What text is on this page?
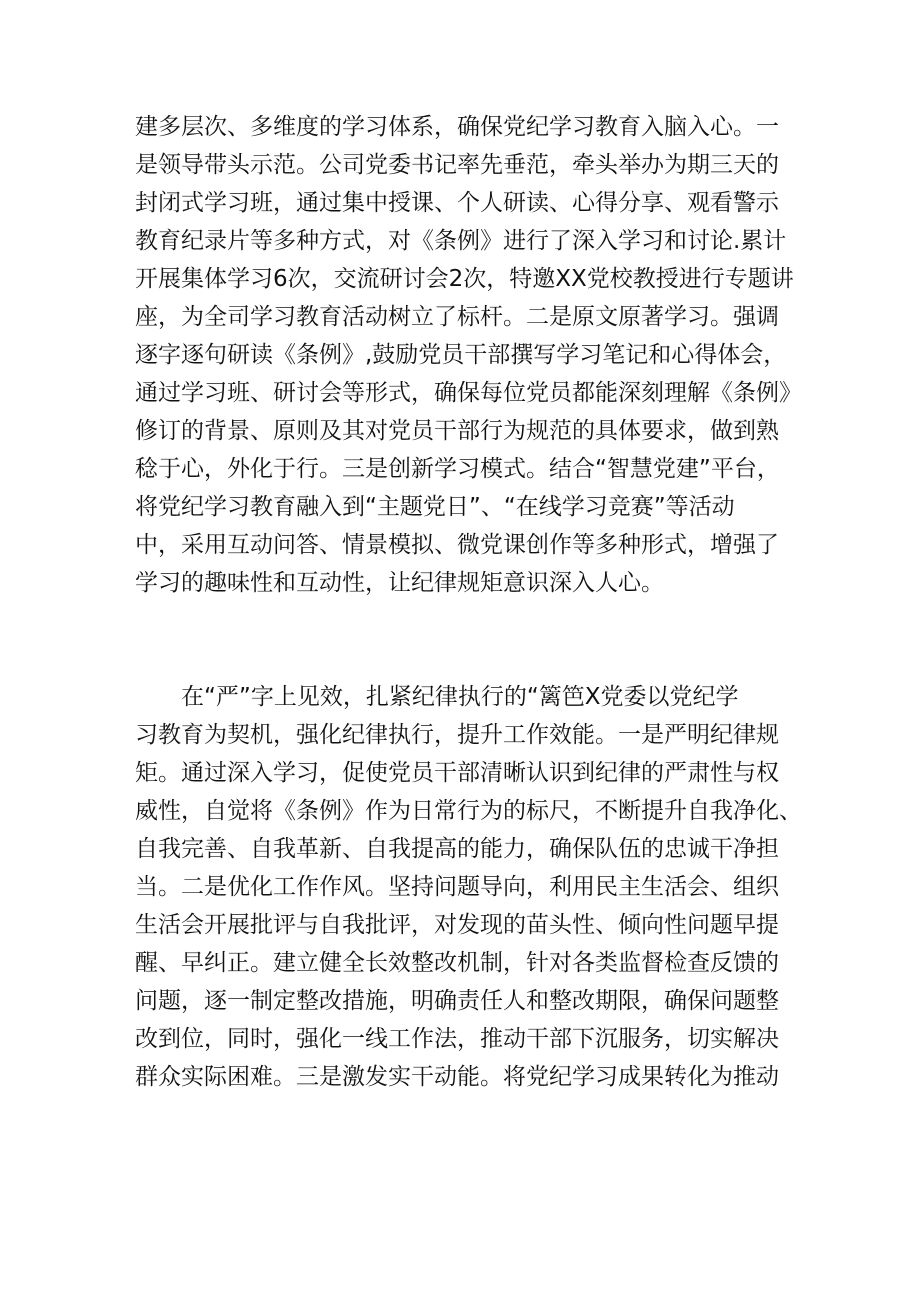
建多层次、多维度的学习体系，确保党纪学习教育入脑入心。一
是领导带头示范。公司党委书记率先垂范，牵头举办为期三天的
封闭式学习班，通过集中授课、个人研读、心得分享、观看警示
教育纪录片等多种方式，对《条例》进行了深入学习和讨论.累计
开展集体学习6次，交流研讨会2次，特邀XX党校教授进行专题讲
座，为全司学习教育活动树立了标杆。二是原文原著学习。强调
逐字逐句研读《条例》,鼓励党员干部撰写学习笔记和心得体会，
通过学习班、研讨会等形式，确保每位党员都能深刻理解《条例》
修订的背景、原则及其对党员干部行为规范的具体要求，做到熟
稔于心，外化于行。三是创新学习模式。结合“智慧党建”平台，
将党纪学习教育融入到“主题党日”、“在线学习竞赛”等活动
中，采用互动问答、情景模拟、微党课创作等多种形式，增强了
学习的趣味性和互动性，让纪律规矩意识深入人心。
　　在“严”字上见效，扎紧纪律执行的“篱笆X党委以党纪学
习教育为契机，强化纪律执行，提升工作效能。一是严明纪律规
矩。通过深入学习，促使党员干部清晰认识到纪律的严肃性与权
威性，自觉将《条例》作为日常行为的标尺，不断提升自我净化、
自我完善、自我革新、自我提高的能力，确保队伍的忠诚干净担
当。二是优化工作作风。坚持问题导向，利用民主生活会、组织
生活会开展批评与自我批评，对发现的苗头性、倾向性问题早提
醒、早纠正。建立健全长效整改机制，针对各类监督检查反馈的
问题，逐一制定整改措施，明确责任人和整改期限，确保问题整
改到位，同时，强化一线工作法，推动干部下沉服务，切实解决
群众实际困难。三是激发实干动能。将党纪学习成果转化为推动
